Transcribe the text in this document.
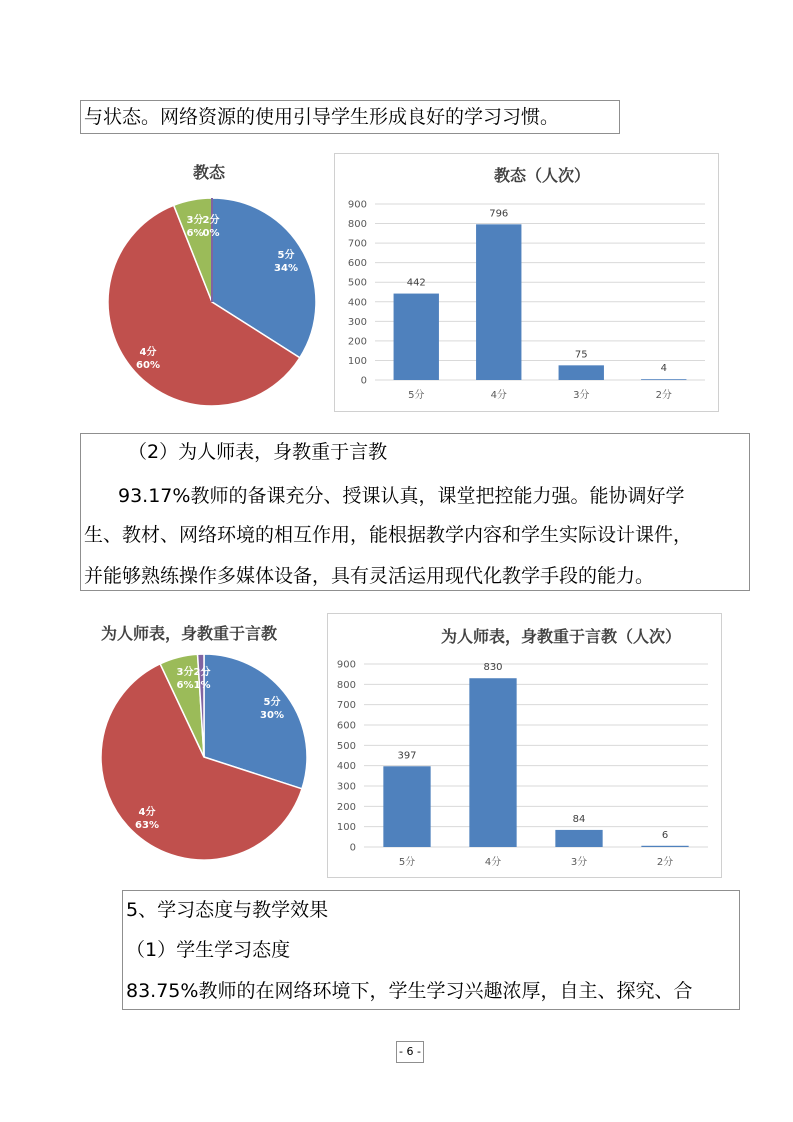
与状态。网络资源的使用引导学生形成良好的学习习惯。
教态
5分 34%
4分 60%
3分 6%
2分 0%
教态（人次）
0
100
200
300
400
500
600
700
800
900
442
5分
796
4分
75
3分
4
2分
（2）为人师表，身教重于言教
93.17%教师的备课充分、授课认真，课堂把控能力强。能协调好学
生、教材、网络环境的相互作用，能根据教学内容和学生实际设计课件，
并能够熟练操作多媒体设备，具有灵活运用现代化教学手段的能力。
为人师表，身教重于言教
5分 30%
4分 63%
3分 6%
2分 1%
为人师表，身教重于言教（人次）
0
100
200
300
400
500
600
700
800
900
397
5分
830
4分
84
3分
6
2分
5、学习态度与教学效果
（1）学生学习态度
83.75%教师的在网络环境下，学生学习兴趣浓厚，自主、探究、合
- 6 -
